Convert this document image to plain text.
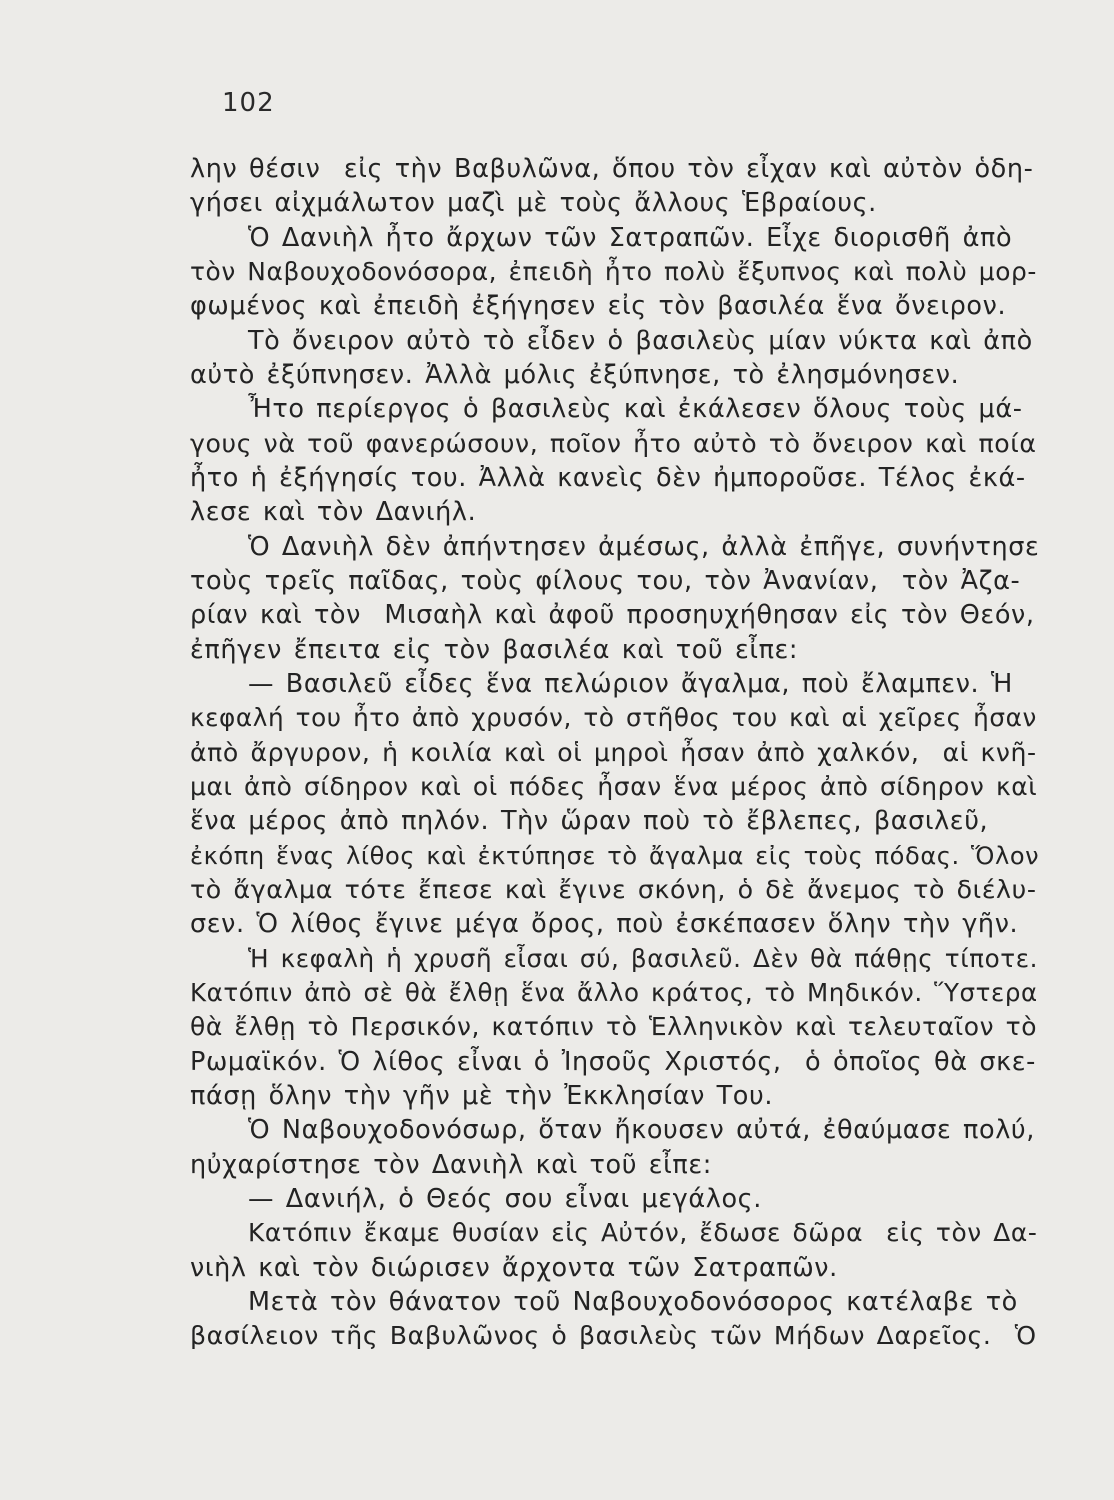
102
λην θέσιν  εἰς τὴν Βαβυλῶνα, ὅπου τὸν εἶχαν καὶ αὐτὸν ὁδη-
γήσει αἰχμάλωτον μαζὶ μὲ τοὺς ἄλλους Ἑβραίους.
Ὁ Δανιὴλ ἦτο ἄρχων τῶν Σατραπῶν. Εἶχε διορισθῆ ἀπὸ
τὸν Ναβουχοδονόσορα, ἐπειδὴ ἦτο πολὺ ἔξυπνος καὶ πολὺ μορ-
φωμένος καὶ ἐπειδὴ ἐξήγησεν εἰς τὸν βασιλέα ἕνα ὄνειρον.
Τὸ ὄνειρον αὐτὸ τὸ εἶδεν ὁ βασιλεὺς μίαν νύκτα καὶ ἀπὸ
αὐτὸ ἐξύπνησεν. Ἀλλὰ μόλις ἐξύπνησε, τὸ ἐλησμόνησεν.
Ἦτο περίεργος ὁ βασιλεὺς καὶ ἐκάλεσεν ὅλους τοὺς μά-
γους νὰ τοῦ φανερώσουν, ποῖον ἦτο αὐτὸ τὸ ὄνειρον καὶ ποία
ἦτο ἡ ἐξήγησίς του. Ἀλλὰ κανεὶς δὲν ἠμποροῦσε. Τέλος ἐκά-
λεσε καὶ τὸν Δανιήλ.
Ὁ Δανιὴλ δὲν ἀπήντησεν ἀμέσως, ἀλλὰ ἐπῆγε, συνήντησε
τοὺς τρεῖς παῖδας, τοὺς φίλους του, τὸν Ἀνανίαν,  τὸν Ἀζα-
ρίαν καὶ τὸν  Μισαὴλ καὶ ἀφοῦ προσηυχήθησαν εἰς τὸν Θεόν,
ἐπῆγεν ἔπειτα εἰς τὸν βασιλέα καὶ τοῦ εἶπε:
— Βασιλεῦ εἶδες ἕνα πελώριον ἄγαλμα, ποὺ ἔλαμπεν. Ἡ
κεφαλή του ἦτο ἀπὸ χρυσόν, τὸ στῆθος του καὶ αἱ χεῖρες ἦσαν
ἀπὸ ἄργυρον, ἡ κοιλία καὶ οἱ μηροὶ ἦσαν ἀπὸ χαλκόν,  αἱ κνῆ-
μαι ἀπὸ σίδηρον καὶ οἱ πόδες ἦσαν ἕνα μέρος ἀπὸ σίδηρον καὶ
ἕνα μέρος ἀπὸ πηλόν. Τὴν ὥραν ποὺ τὸ ἔβλεπες, βασιλεῦ,
ἐκόπη ἕνας λίθος καὶ ἐκτύπησε τὸ ἄγαλμα εἰς τοὺς πόδας. Ὅλον
τὸ ἄγαλμα τότε ἔπεσε καὶ ἔγινε σκόνη, ὁ δὲ ἄνεμος τὸ διέλυ-
σεν. Ὁ λίθος ἔγινε μέγα ὄρος, ποὺ ἐσκέπασεν ὅλην τὴν γῆν.
Ἡ κεφαλὴ ἡ χρυσῆ εἶσαι σύ, βασιλεῦ. Δὲν θὰ πάθῃς τίποτε.
Κατόπιν ἀπὸ σὲ θὰ ἔλθῃ ἕνα ἄλλο κράτος, τὸ Μηδικόν. Ὕστερα
θὰ ἔλθῃ τὸ Περσικόν, κατόπιν τὸ Ἑλληνικὸν καὶ τελευταῖον τὸ
Ρωμαϊκόν. Ὁ λίθος εἶναι ὁ Ἰησοῦς Χριστός,  ὁ ὁποῖος θὰ σκε-
πάσῃ ὅλην τὴν γῆν μὲ τὴν Ἐκκλησίαν Του.
Ὁ Ναβουχοδονόσωρ, ὅταν ἤκουσεν αὐτά, ἐθαύμασε πολύ,
ηὐχαρίστησε τὸν Δανιὴλ καὶ τοῦ εἶπε:
— Δανιήλ, ὁ Θεός σου εἶναι μεγάλος.
Κατόπιν ἔκαμε θυσίαν εἰς Αὐτόν, ἔδωσε δῶρα  εἰς τὸν Δα-
νιὴλ καὶ τὸν διώρισεν ἄρχοντα τῶν Σατραπῶν.
Μετὰ τὸν θάνατον τοῦ Ναβουχοδονόσορος κατέλαβε τὸ
βασίλειον τῆς Βαβυλῶνος ὁ βασιλεὺς τῶν Μήδων Δαρεῖος.  Ὁ
